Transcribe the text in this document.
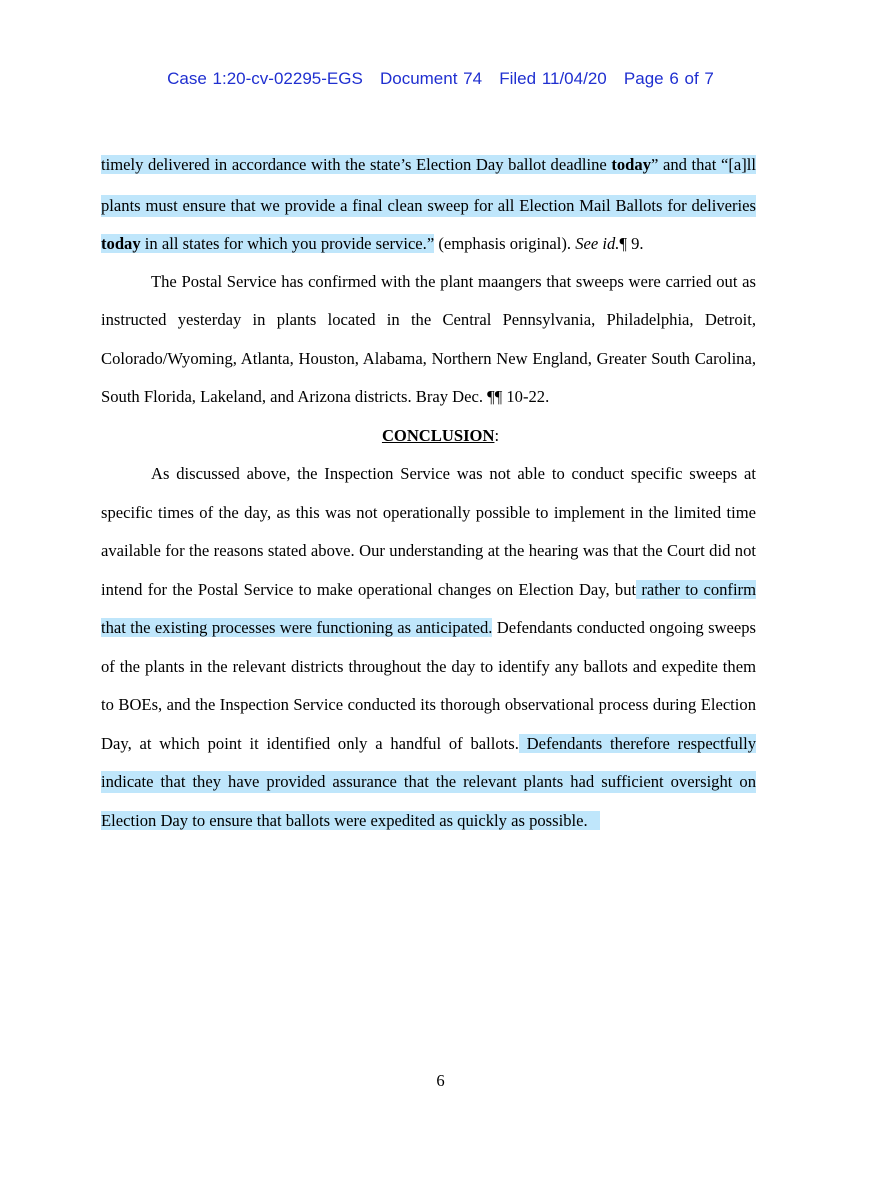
Case 1:20-cv-02295-EGS   Document 74   Filed 11/04/20   Page 6 of 7
timely delivered in accordance with the state’s Election Day ballot deadline today” and that “[a]ll
plants must ensure that we provide a final clean sweep for all Election Mail Ballots for deliveries
today in all states for which you provide service.” (emphasis original). See id.¶ 9.
The Postal Service has confirmed with the plant maangers that sweeps were carried out as
instructed yesterday in plants located in the Central Pennsylvania, Philadelphia, Detroit,
Colorado/Wyoming, Atlanta, Houston, Alabama, Northern New England, Greater South Carolina,
South Florida, Lakeland, and Arizona districts. Bray Dec. ¶¶ 10-22.
CONCLUSION:
As discussed above, the Inspection Service was not able to conduct specific sweeps at
specific times of the day, as this was not operationally possible to implement in the limited time
available for the reasons stated above. Our understanding at the hearing was that the Court did not
intend for the Postal Service to make operational changes on Election Day, but rather to confirm
that the existing processes were functioning as anticipated. Defendants conducted ongoing sweeps
of the plants in the relevant districts throughout the day to identify any ballots and expedite them
to BOEs, and the Inspection Service conducted its thorough observational process during Election
Day, at which point it identified only a handful of ballots. Defendants therefore respectfully
indicate that they have provided assurance that the relevant plants had sufficient oversight on
Election Day to ensure that ballots were expedited as quickly as possible.
6
